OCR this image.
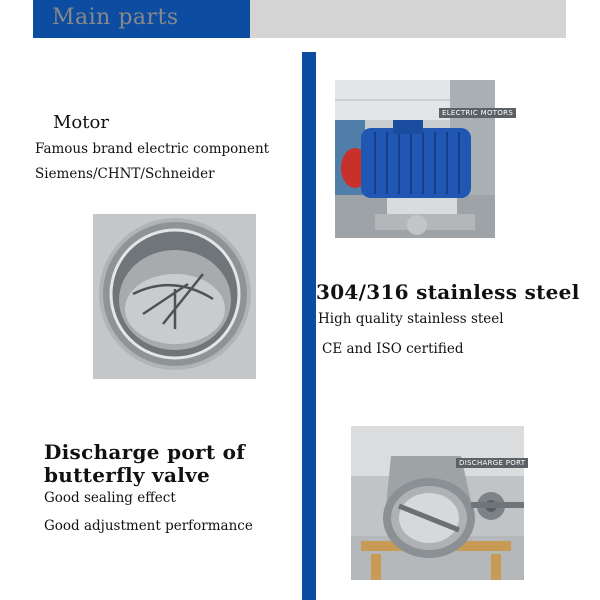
Main parts
Motor
Famous brand electric component
Siemens/CHNT/Schneider
ELECTRIC MOTORS
304/316 stainless steel
High quality stainless steel
CE and ISO certified
Discharge port of
butterfly valve
Good sealing effect
Good adjustment performance
DISCHARGE PORT
